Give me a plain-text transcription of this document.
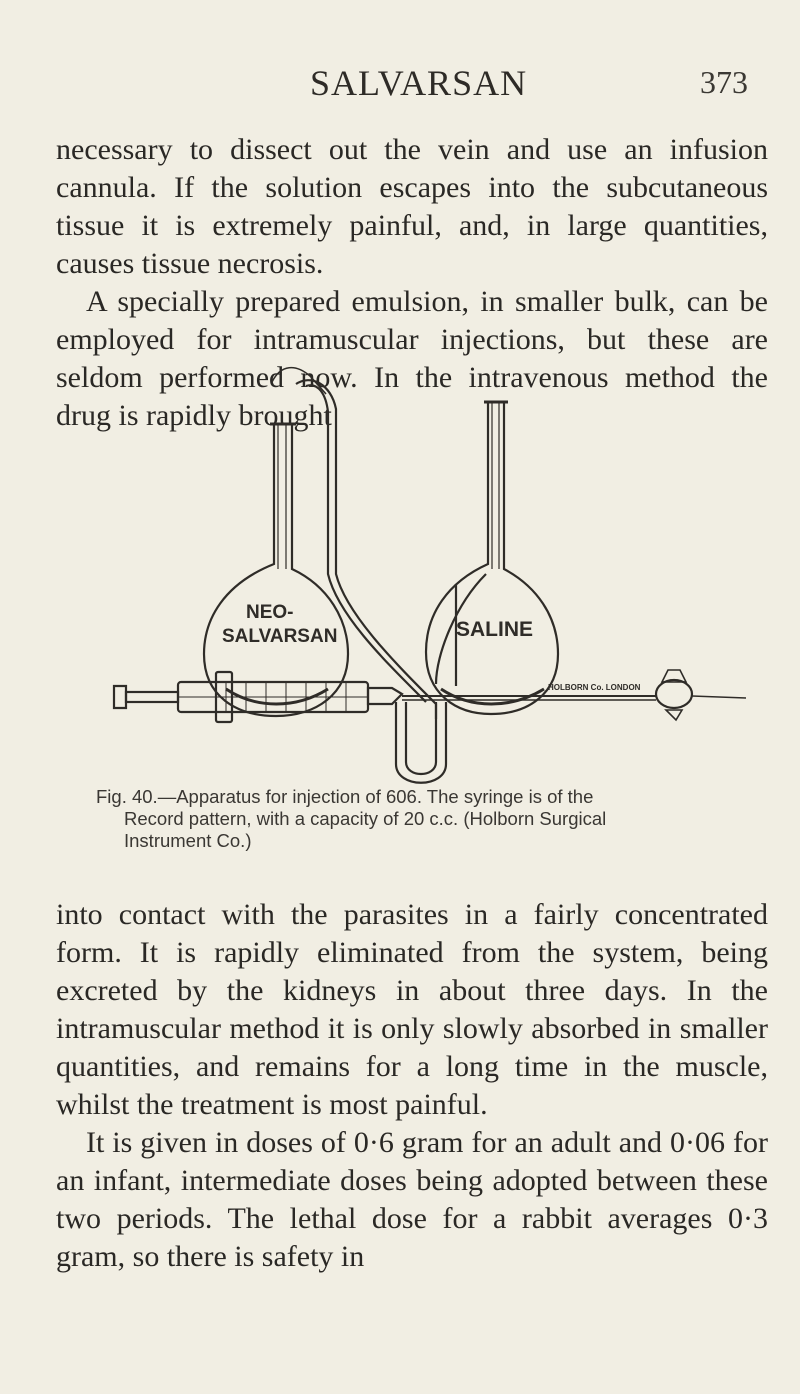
SALVARSAN	373

necessary to dissect out the vein and use an infusion cannula. If the solution escapes into the subcutaneous tissue it is extremely painful, and, in large quantities, causes tissue necrosis.

A specially prepared emulsion, in smaller bulk, can be employed for intramuscular injections, but these are seldom performed now. In the intravenous method the drug is rapidly brought

NEO-
SALVARSAN	SALINE
HOLBORN Co. LONDON
Fig. 40.—Apparatus for injection of 606. The syringe is of the
Record pattern, with a capacity of 20 c.c. (Holborn Surgical
Instrument Co.)

into contact with the parasites in a fairly concentrated form. It is rapidly eliminated from the system, being excreted by the kidneys in about three days. In the intramuscular method it is only slowly absorbed in smaller quantities, and remains for a long time in the muscle, whilst the treatment is most painful.

It is given in doses of 0·6 gram for an adult and 0·06 for an infant, intermediate doses being adopted between these two periods. The lethal dose for a rabbit averages 0·3 gram, so there is safety in
